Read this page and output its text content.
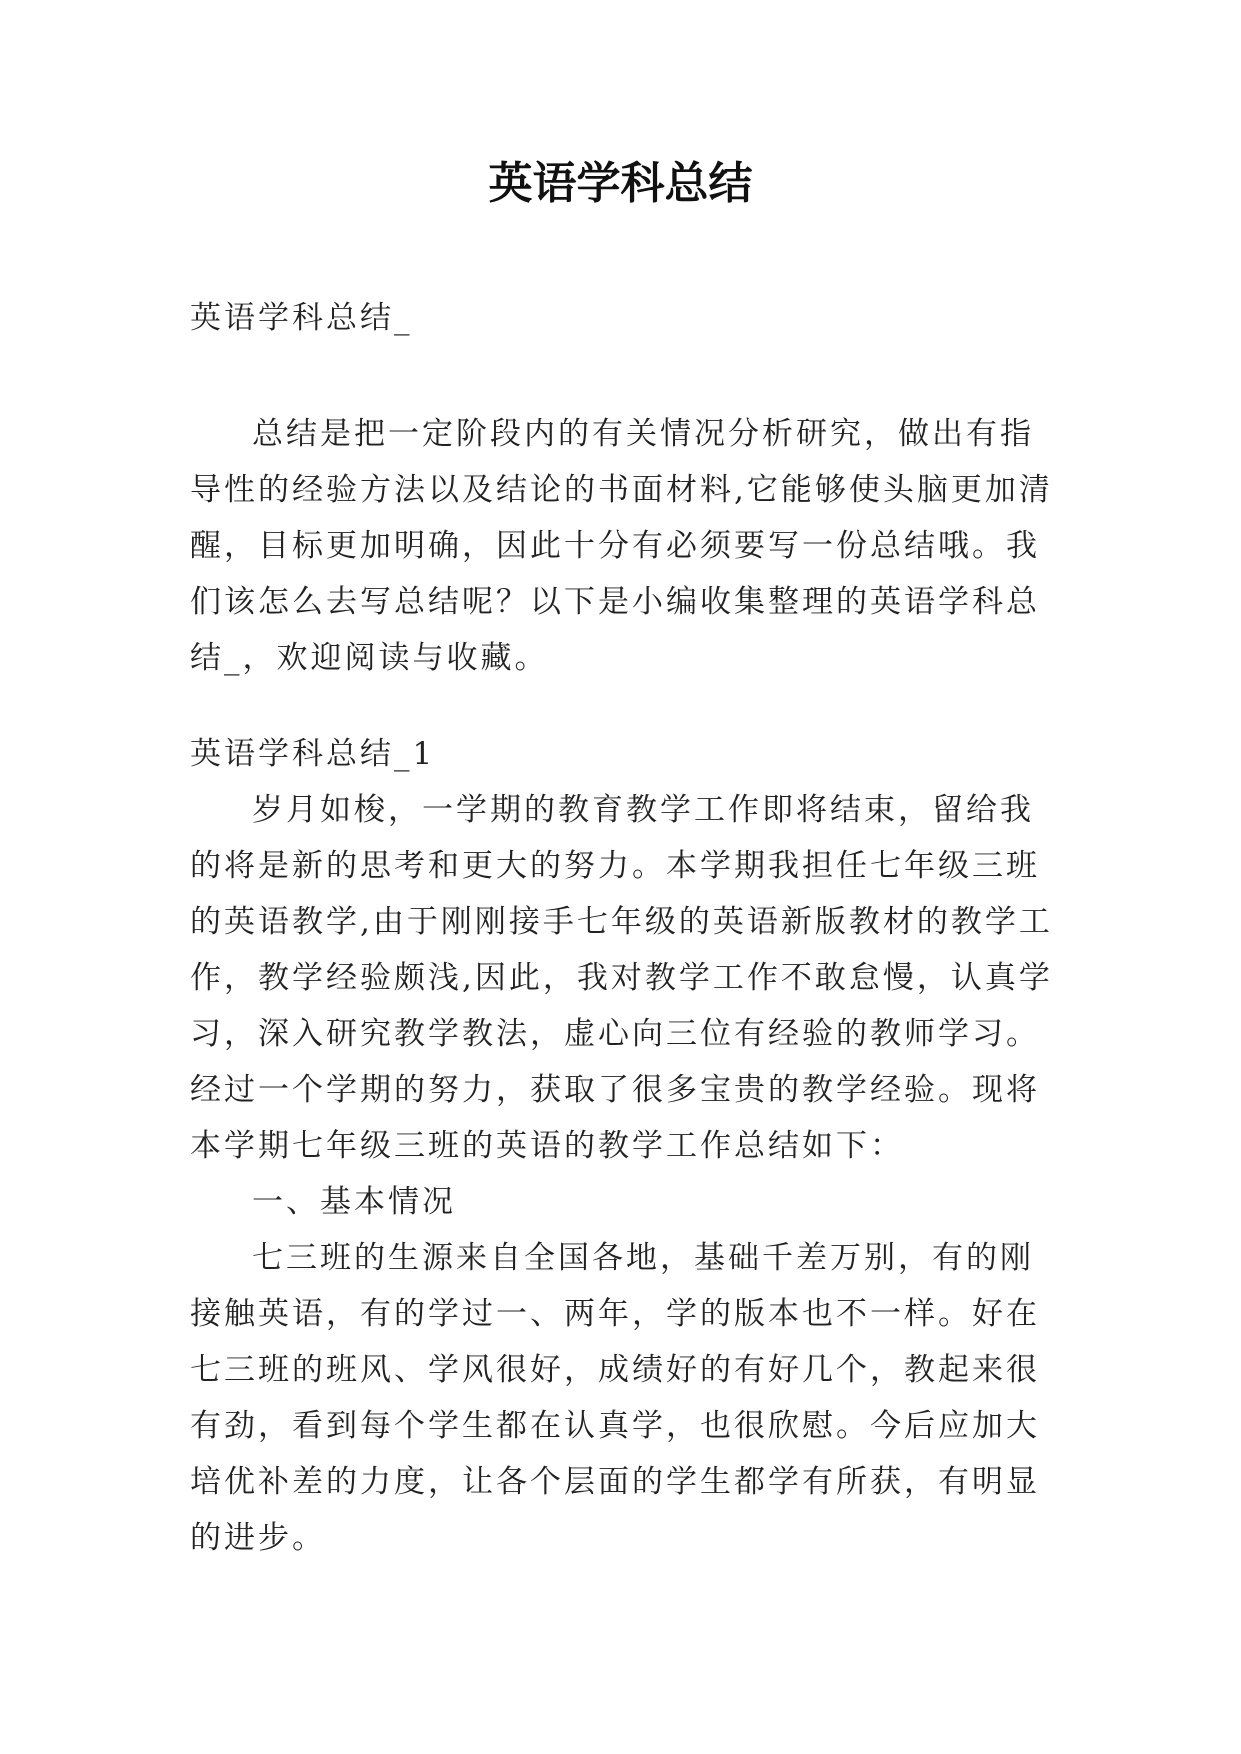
英语学科总结

英语学科总结_

总结是把一定阶段内的有关情况分析研究，做出有指导性的经验方法以及结论的书面材料,它能够使头脑更加清醒，目标更加明确，因此十分有必须要写一份总结哦。我们该怎么去写总结呢？以下是小编收集整理的英语学科总结_，欢迎阅读与收藏。

英语学科总结_1

岁月如梭，一学期的教育教学工作即将结束，留给我的将是新的思考和更大的努力。本学期我担任七年级三班的英语教学,由于刚刚接手七年级的英语新版教材的教学工作，教学经验颇浅,因此，我对教学工作不敢怠慢，认真学习，深入研究教学教法，虚心向三位有经验的教师学习。经过一个学期的努力，获取了很多宝贵的教学经验。现将本学期七年级三班的英语的教学工作总结如下：

一、基本情况

七三班的生源来自全国各地，基础千差万别，有的刚接触英语，有的学过一、两年，学的版本也不一样。好在七三班的班风、学风很好，成绩好的有好几个，教起来很有劲，看到每个学生都在认真学，也很欣慰。今后应加大培优补差的力度，让各个层面的学生都学有所获，有明显的进步。
